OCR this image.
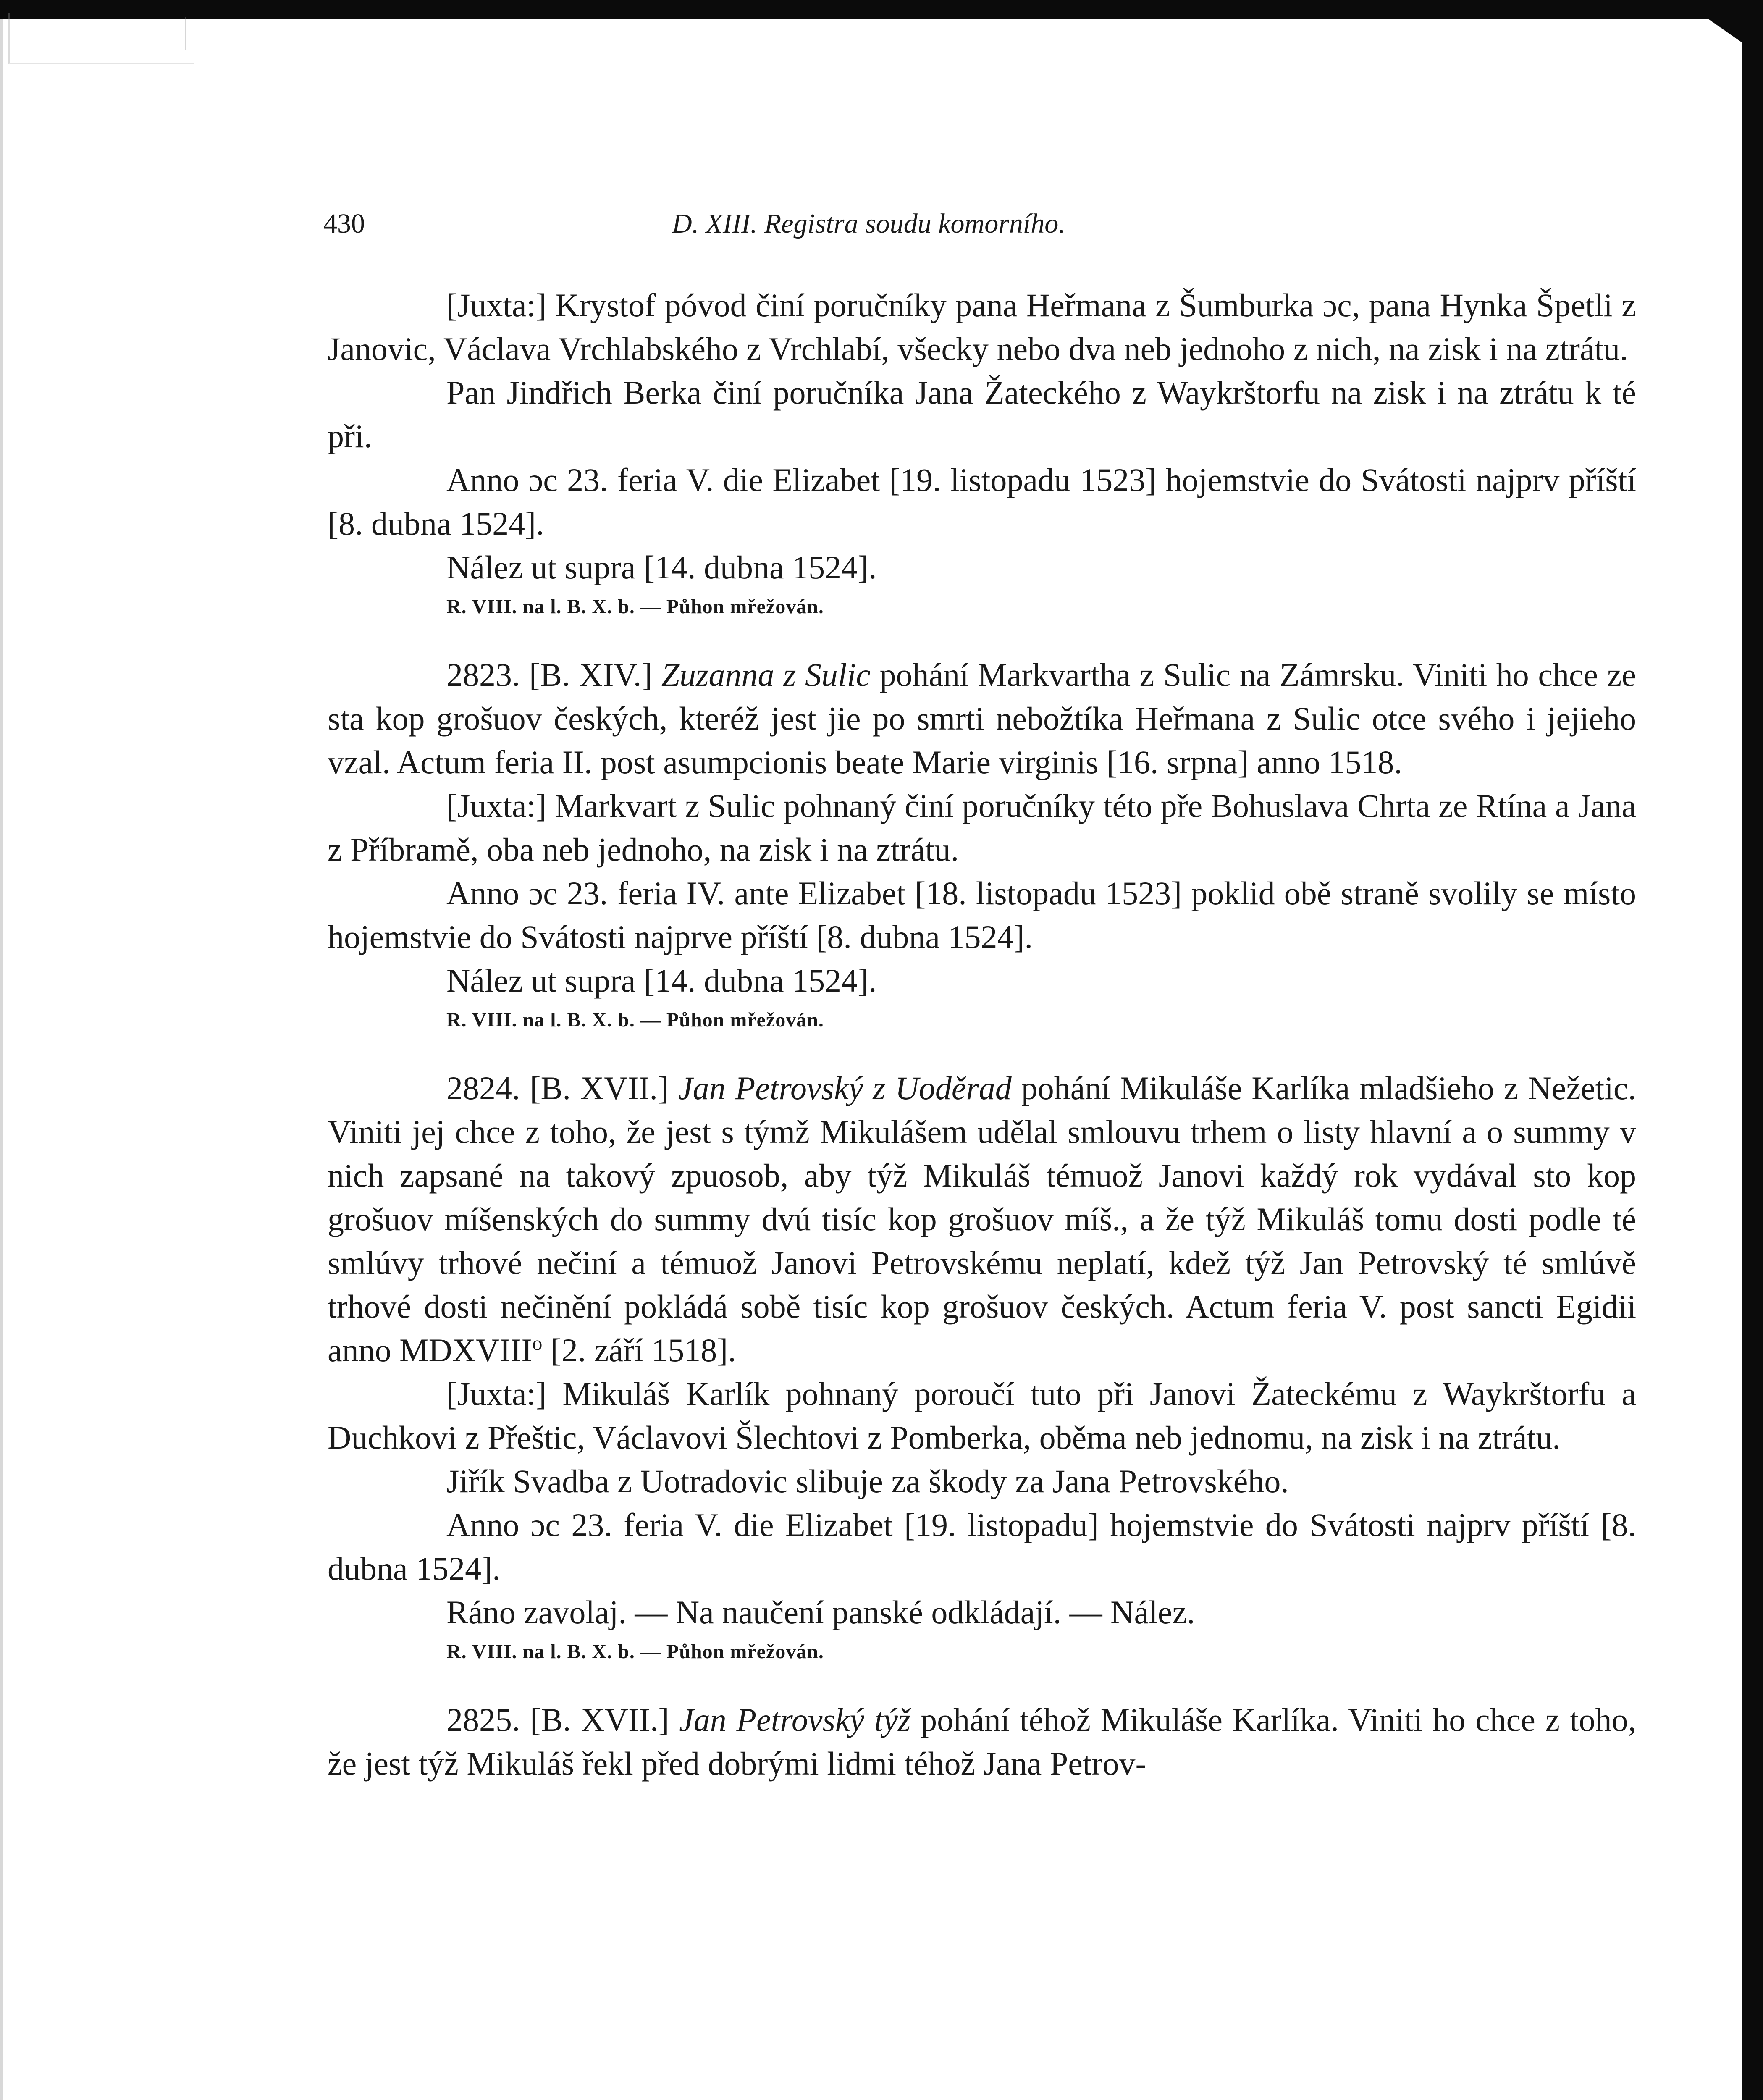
430	D. XIII. Registra soudu komorního.

[Juxta:] Krystof póvod činí poručníky pana Heřmana z Šumburka ɔc, pana Hynka Špetli z Janovic, Václava Vrchlabského z Vrchlabí, všecky nebo dva neb jednoho z nich, na zisk i na ztrátu.

Pan Jindřich Berka činí poručníka Jana Žateckého z Waykrštorfu na zisk i na ztrátu k té při.

Anno ɔc 23. feria V. die Elizabet [19. listopadu 1523] hojemstvie do Svátosti najprv příští [8. dubna 1524].

Nález ut supra [14. dubna 1524].

R. VIII. na l. B. X. b. — Půhon mřežován.

2823. [B. XIV.] Zuzanna z Sulic pohání Markvartha z Sulic na Zámrsku. Viniti ho chce ze sta kop grošuov českých, kteréž jest jie po smrti nebožtíka Heřmana z Sulic otce svého i jejieho vzal. Actum feria II. post asumpcionis beate Marie virginis [16. srpna] anno 1518.

[Juxta:] Markvart z Sulic pohnaný činí poručníky této pře Bohuslava Chrta ze Rtína a Jana z Příbramě, oba neb jednoho, na zisk i na ztrátu.

Anno ɔc 23. feria IV. ante Elizabet [18. listopadu 1523] poklid obě straně svolily se místo hojemstvie do Svátosti najprve příští [8. dubna 1524].

Nález ut supra [14. dubna 1524].

R. VIII. na l. B. X. b. — Půhon mřežován.

2824. [B. XVII.] Jan Petrovský z Uoděrad pohání Mikuláše Karlíka mladšieho z Nežetic. Viniti jej chce z toho, že jest s týmž Mikulášem udělal smlouvu trhem o listy hlavní a o summy v nich zapsané na takový zpuosob, aby týž Mikuláš témuož Janovi každý rok vydával sto kop grošuov míšenských do summy dvú tisíc kop grošuov míš., a že týž Mikuláš tomu dosti podle té smlúvy trhové nečiní a témuož Janovi Petrovskému neplatí, kdež týž Jan Petrovský té smlúvě trhové dosti nečinění pokládá sobě tisíc kop grošuov českých. Actum feria V. post sancti Egidii anno MDXVIII$^o$ [2. září 1518].

[Juxta:] Mikuláš Karlík pohnaný poroučí tuto při Janovi Žateckému z Waykrštorfu a Duchkovi z Přeštic, Václavovi Šlechtovi z Pomberka, oběma neb jednomu, na zisk i na ztrátu.

Jiřík Svadba z Uotradovic slibuje za škody za Jana Petrovského.

Anno ɔc 23. feria V. die Elizabet [19. listopadu] hojemstvie do Svátosti najprv příští [8. dubna 1524].

Ráno zavolaj. — Na naučení panské odkládají. — Nález.

R. VIII. na l. B. X. b. — Půhon mřežován.

2825. [B. XVII.] Jan Petrovský týž pohání téhož Mikuláše Karlíka. Viniti ho chce z toho, že jest týž Mikuláš řekl před dobrými lidmi téhož Jana Petrov-
